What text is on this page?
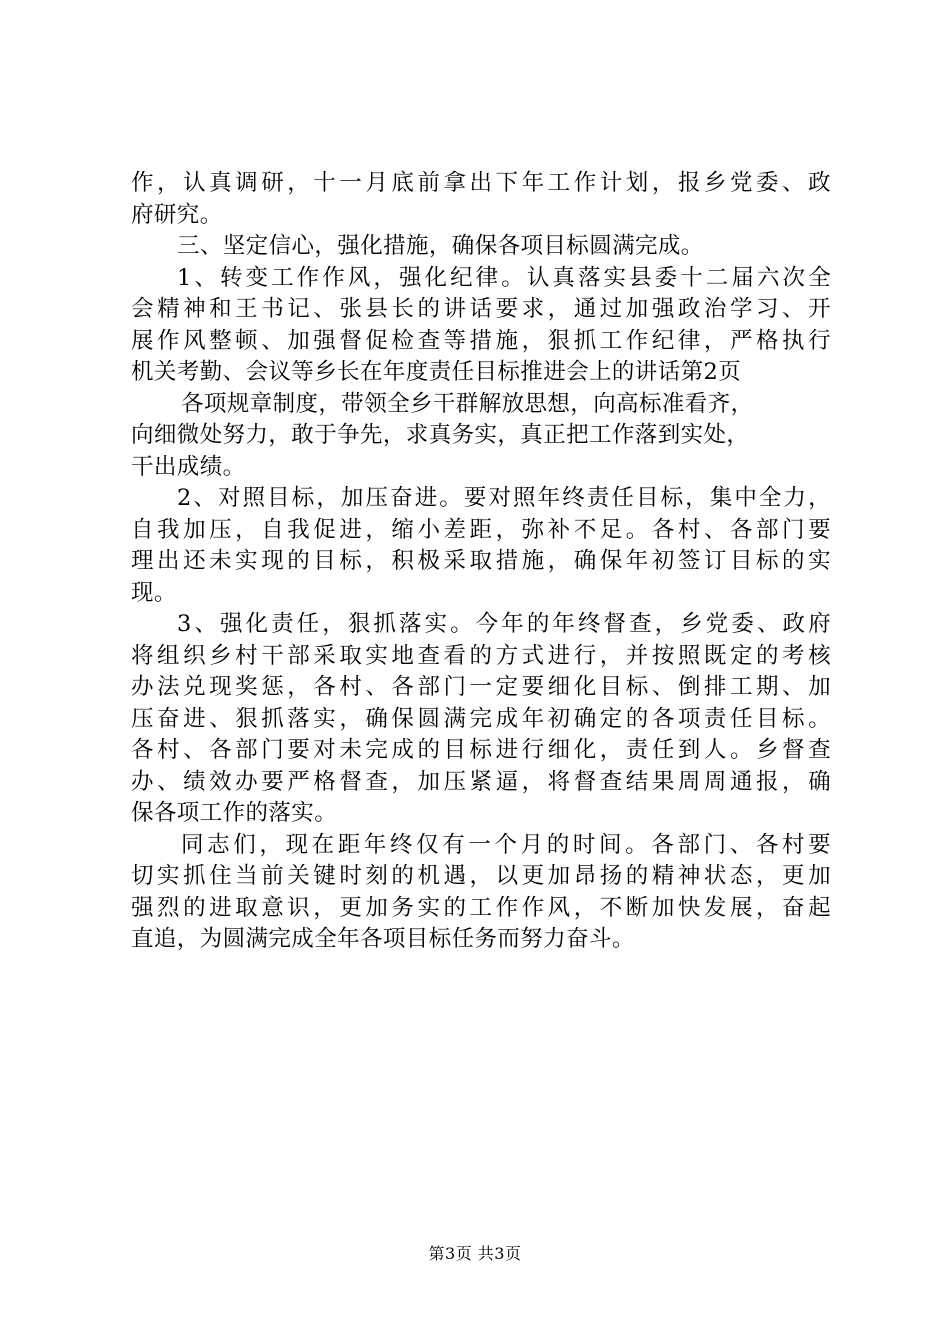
作，认真调研，十一月底前拿出下年工作计划，报乡党委、政
府研究。
三、坚定信心，强化措施，确保各项目标圆满完成。
1、转变工作作风，强化纪律。认真落实县委十二届六次全
会精神和王书记、张县长的讲话要求，通过加强政治学习、开
展作风整顿、加强督促检查等措施，狠抓工作纪律，严格执行
机关考勤、会议等乡长在年度责任目标推进会上的讲话第2页
各项规章制度，带领全乡干群解放思想，向高标准看齐，
向细微处努力，敢于争先，求真务实，真正把工作落到实处，
干出成绩。
2、对照目标，加压奋进。要对照年终责任目标，集中全力，
自我加压，自我促进，缩小差距，弥补不足。各村、各部门要
理出还未实现的目标，积极采取措施，确保年初签订目标的实
现。
3、强化责任，狠抓落实。今年的年终督查，乡党委、政府
将组织乡村干部采取实地查看的方式进行，并按照既定的考核
办法兑现奖惩，各村、各部门一定要细化目标、倒排工期、加
压奋进、狠抓落实，确保圆满完成年初确定的各项责任目标。
各村、各部门要对未完成的目标进行细化，责任到人。乡督查
办、绩效办要严格督查，加压紧逼，将督查结果周周通报，确
保各项工作的落实。
同志们，现在距年终仅有一个月的时间。各部门、各村要
切实抓住当前关键时刻的机遇，以更加昂扬的精神状态，更加
强烈的进取意识，更加务实的工作作风，不断加快发展，奋起
直追，为圆满完成全年各项目标任务而努力奋斗。
第3页 共3页
